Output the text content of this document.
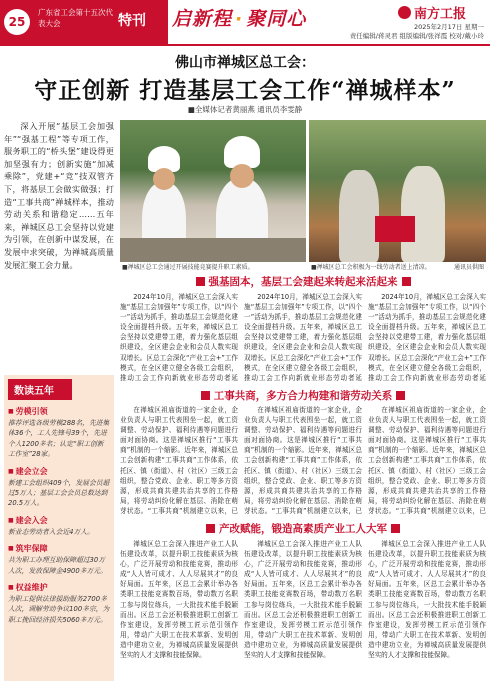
25
广东省工会第十五次代表大会	特刊 启新程 · 聚同心	南方工报
2025年2月17日 星期一
责任编辑/蒋灵君 组版编辑/张祥霞 校对/戴小玲
佛山市禅城区总工会：
守正创新 打造基层工会工作“禅城样本”
■全媒体记者黄丽燕 通讯员李雯静

深入开展“基层工会加强年”“强基工程”等专项工作，服务职工的“桥头堡”建设得更加坚强有力；创新实施“加减乘除”，党建+“竞”技双管齐下，将基层工会做实做强；打造“工事共商”禅城样本，推动劳动关系和谐稳定……五年来，禅城区总工会坚持以党建为引领，在创新中谋发展，在发展中求突破，为禅城高质量发展汇聚工会力量。

数读五年
■ 劳模引领
推荐评选各级劳模288名，先进集体36个，工人先锋号39个，先进个人1200多名；认定“职工创新工作室”28家。
■ 建会立会
新建工会组织409个，发展会员超过5万人；基层工会会员总数达到20.5万人。
■ 建会入会
新业态劳动者入会近4万人。
■ 筑牢保障
共为职工办理互助保障超过30万人次，发放保障金4900多万元。
■ 权益维护
为职工提供法律援助服务2700多人次，调解劳动争议100多宗，为职工挽回经济损失5060多万元。
■禅城区总工会通过开展技能竞赛提升职工素质。	■禅城区总工会积极为一线劳动者送上清凉。	通讯员供图
强基固本，基层工会建起来转起来活起来
2024年10月，禅城区总工会深入实施“基层工会加强年”专项工作，以“四个一”活动为抓手，推动基层工会规范化建设全面提档升级。五年来，禅城区总工会坚持以党建带工建，着力强化基层组织建设，全区建会企业和会员人数实现双增长。区总工会深化“产业工会+”工作模式，在全区建立健全各级工会组织，推动工会工作向新就业形态劳动者延
2024年10月，禅城区总工会深入实施“基层工会加强年”专项工作，以“四个一”活动为抓手，推动基层工会规范化建设全面提档升级。五年来，禅城区总工会坚持以党建带工建，着力强化基层组织建设，全区建会企业和会员人数实现双增长。区总工会深化“产业工会+”工作模式，在全区建立健全各级工会组织，推动工会工作向新就业形态劳动者延
2024年10月，禅城区总工会深入实施“基层工会加强年”专项工作，以“四个一”活动为抓手，推动基层工会规范化建设全面提档升级。五年来，禅城区总工会坚持以党建带工建，着力强化基层组织建设，全区建会企业和会员人数实现双增长。区总工会深化“产业工会+”工作模式，在全区建立健全各级工会组织，推动工会工作向新就业形态劳动者延
工事共商，多方合力构建和谐劳动关系
在禅城区祖庙街道的一家企业，企业负责人与职工代表围坐一起，就工资调整、劳动保护、福利待遇等问题进行面对面协商。这是禅城区推行“工事共商”机制的一个缩影。近年来，禅城区总工会创新构建“工事共商”工作体系，依托区、镇（街道）、村（社区）三级工会组织，整合党政、企业、职工等多方资源，形成共商共建共治共享的工作格局，将劳动纠纷化解在基层、消除在萌芽状态。“工事共商”机制建立以来，已
在禅城区祖庙街道的一家企业，企业负责人与职工代表围坐一起，就工资调整、劳动保护、福利待遇等问题进行面对面协商。这是禅城区推行“工事共商”机制的一个缩影。近年来，禅城区总工会创新构建“工事共商”工作体系，依托区、镇（街道）、村（社区）三级工会组织，整合党政、企业、职工等多方资源，形成共商共建共治共享的工作格局，将劳动纠纷化解在基层、消除在萌芽状态。“工事共商”机制建立以来，已
在禅城区祖庙街道的一家企业，企业负责人与职工代表围坐一起，就工资调整、劳动保护、福利待遇等问题进行面对面协商。这是禅城区推行“工事共商”机制的一个缩影。近年来，禅城区总工会创新构建“工事共商”工作体系，依托区、镇（街道）、村（社区）三级工会组织，整合党政、企业、职工等多方资源，形成共商共建共治共享的工作格局，将劳动纠纷化解在基层、消除在萌芽状态。“工事共商”机制建立以来，已
产改赋能，锻造高素质产业工人大军
禅城区总工会深入推进产业工人队伍建设改革，以提升职工技能素质为核心，广泛开展劳动和技能竞赛，推动形成“人人皆可成才、人人尽展其才”的良好局面。五年来，区总工会累计举办各类职工技能竞赛数百场，带动数万名职工参与岗位练兵，一大批技术能手脱颖而出。区总工会还积极推进职工创新工作室建设，发挥劳模工匠示范引领作用，带动广大职工在技术革新、发明创造中建功立业，为禅城高质量发展提供坚实的人才支撑和技能保障。
禅城区总工会深入推进产业工人队伍建设改革，以提升职工技能素质为核心，广泛开展劳动和技能竞赛，推动形成“人人皆可成才、人人尽展其才”的良好局面。五年来，区总工会累计举办各类职工技能竞赛数百场，带动数万名职工参与岗位练兵，一大批技术能手脱颖而出。区总工会还积极推进职工创新工作室建设，发挥劳模工匠示范引领作用，带动广大职工在技术革新、发明创造中建功立业，为禅城高质量发展提供坚实的人才支撑和技能保障。
禅城区总工会深入推进产业工人队伍建设改革，以提升职工技能素质为核心，广泛开展劳动和技能竞赛，推动形成“人人皆可成才、人人尽展其才”的良好局面。五年来，区总工会累计举办各类职工技能竞赛数百场，带动数万名职工参与岗位练兵，一大批技术能手脱颖而出。区总工会还积极推进职工创新工作室建设，发挥劳模工匠示范引领作用，带动广大职工在技术革新、发明创造中建功立业，为禅城高质量发展提供坚实的人才支撑和技能保障。
